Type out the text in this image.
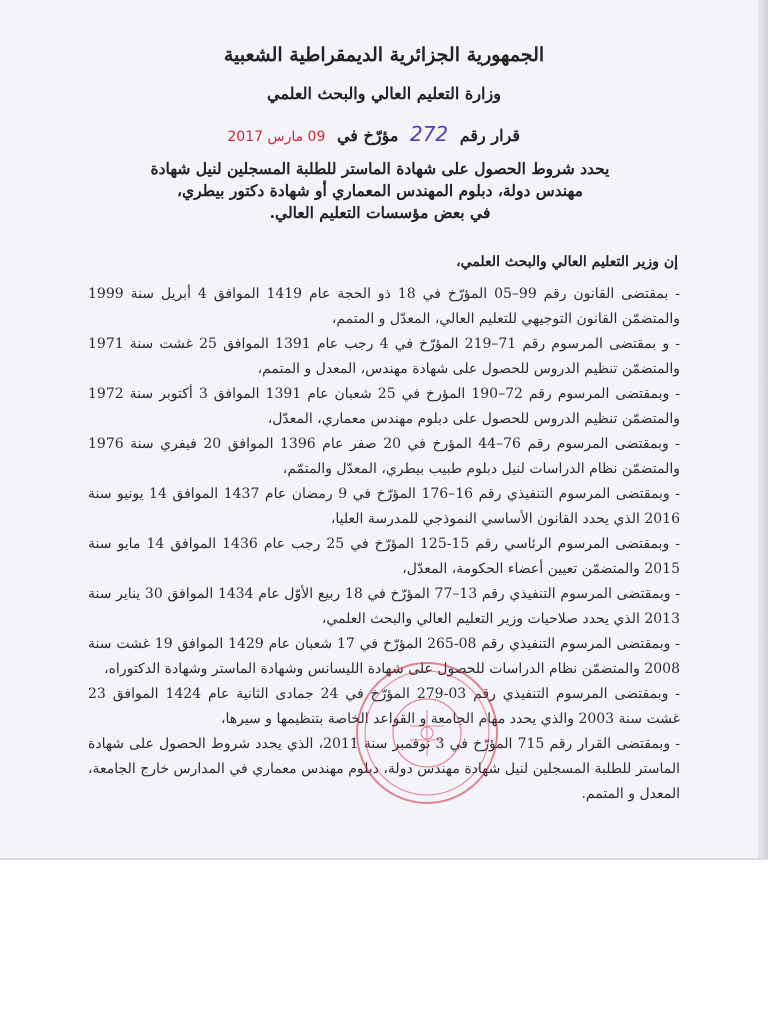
الجمهورية الجزائرية الديمقراطية الشعبية
وزارة التعليم العالي والبحث العلمي
قرار رقم 272 مؤرّخ في 09 مارس 2017
يحدد شروط الحصول على شهادة الماستر للطلبة المسجلين لنيل شهادة
مهندس دولة، دبلوم المهندس المعماري أو شهادة دكتور بيطري،
في بعض مؤسسات التعليم العالي.
إن وزير التعليم العالي والبحث العلمي،

- بمقتضى القانون رقم 99–05 المؤرّخ في 18 ذو الحجة عام 1419 الموافق 4 أبريل سنة 1999 والمتضمّن القانون التوجيهي للتعليم العالي، المعدّل و المتمم،

- و بمقتضى المرسوم رقم 71–219 المؤرّخ في 4 رجب عام 1391 الموافق 25 غشت سنة 1971 والمتضمّن تنظيم الدروس للحصول على شهادة مهندس، المعدل و المتمم،

- وبمقتضى المرسوم رقم 72–190 المؤرخ في 25 شعبان عام 1391 الموافق 3 أكتوبر سنة 1972 والمتضمّن تنظيم الدروس للحصول على دبلوم مهندس معماري، المعدّل،

- وبمقتضى المرسوم رقم 76–44 المؤرخ في 20 صفر عام 1396 الموافق 20 فيفري سنة 1976 والمتضمّن نظام الدراسات لنيل دبلوم طبيب بيطري، المعدّل والمتمّم،

- وبمقتضى المرسوم التنفيذي رقم 16–176 المؤرّخ في 9 رمضان عام 1437 الموافق 14 يونيو سنة 2016 الذي يحدد القانون الأساسي النموذجي للمدرسة العليا،

- وبمقتضى المرسوم الرئاسي رقم 15-125 المؤرّخ في 25 رجب عام 1436 الموافق 14 مايو سنة 2015 والمتضمّن تعيين أعضاء الحكومة، المعدّل،

- وبمقتضى المرسوم التنفيذي رقم 13–77 المؤرّخ في 18 ربيع الأوّل عام 1434 الموافق 30 يناير سنة 2013 الذي يحدد صلاحيات وزير التعليم العالي والبحث العلمي،

- وبمقتضى المرسوم التنفيذي رقم 08-265 المؤرّخ في 17 شعبان عام 1429 الموافق 19 غشت سنة 2008 والمتضمّن نظام الدراسات للحصول على شهادة الليسانس وشهادة الماستر وشهادة الدكتوراه،

- وبمقتضى المرسوم التنفيذي رقم 03-279 المؤرّخ في 24 جمادى الثانية عام 1424 الموافق 23 غشت سنة 2003 والذي يحدد مهام الجامعة و القواعد الخاصة بتنظيمها و سيرها،

- وبمقتضى القرار رقم 715 المؤرّخ في 3 نوفمبر سنة 2011، الذي يحدد شروط الحصول على شهادة الماستر للطلبة المسجلين لنيل شهادة مهندس دولة، دبلوم مهندس معماري في المدارس خارج الجامعة، المعدل و المتمم.
